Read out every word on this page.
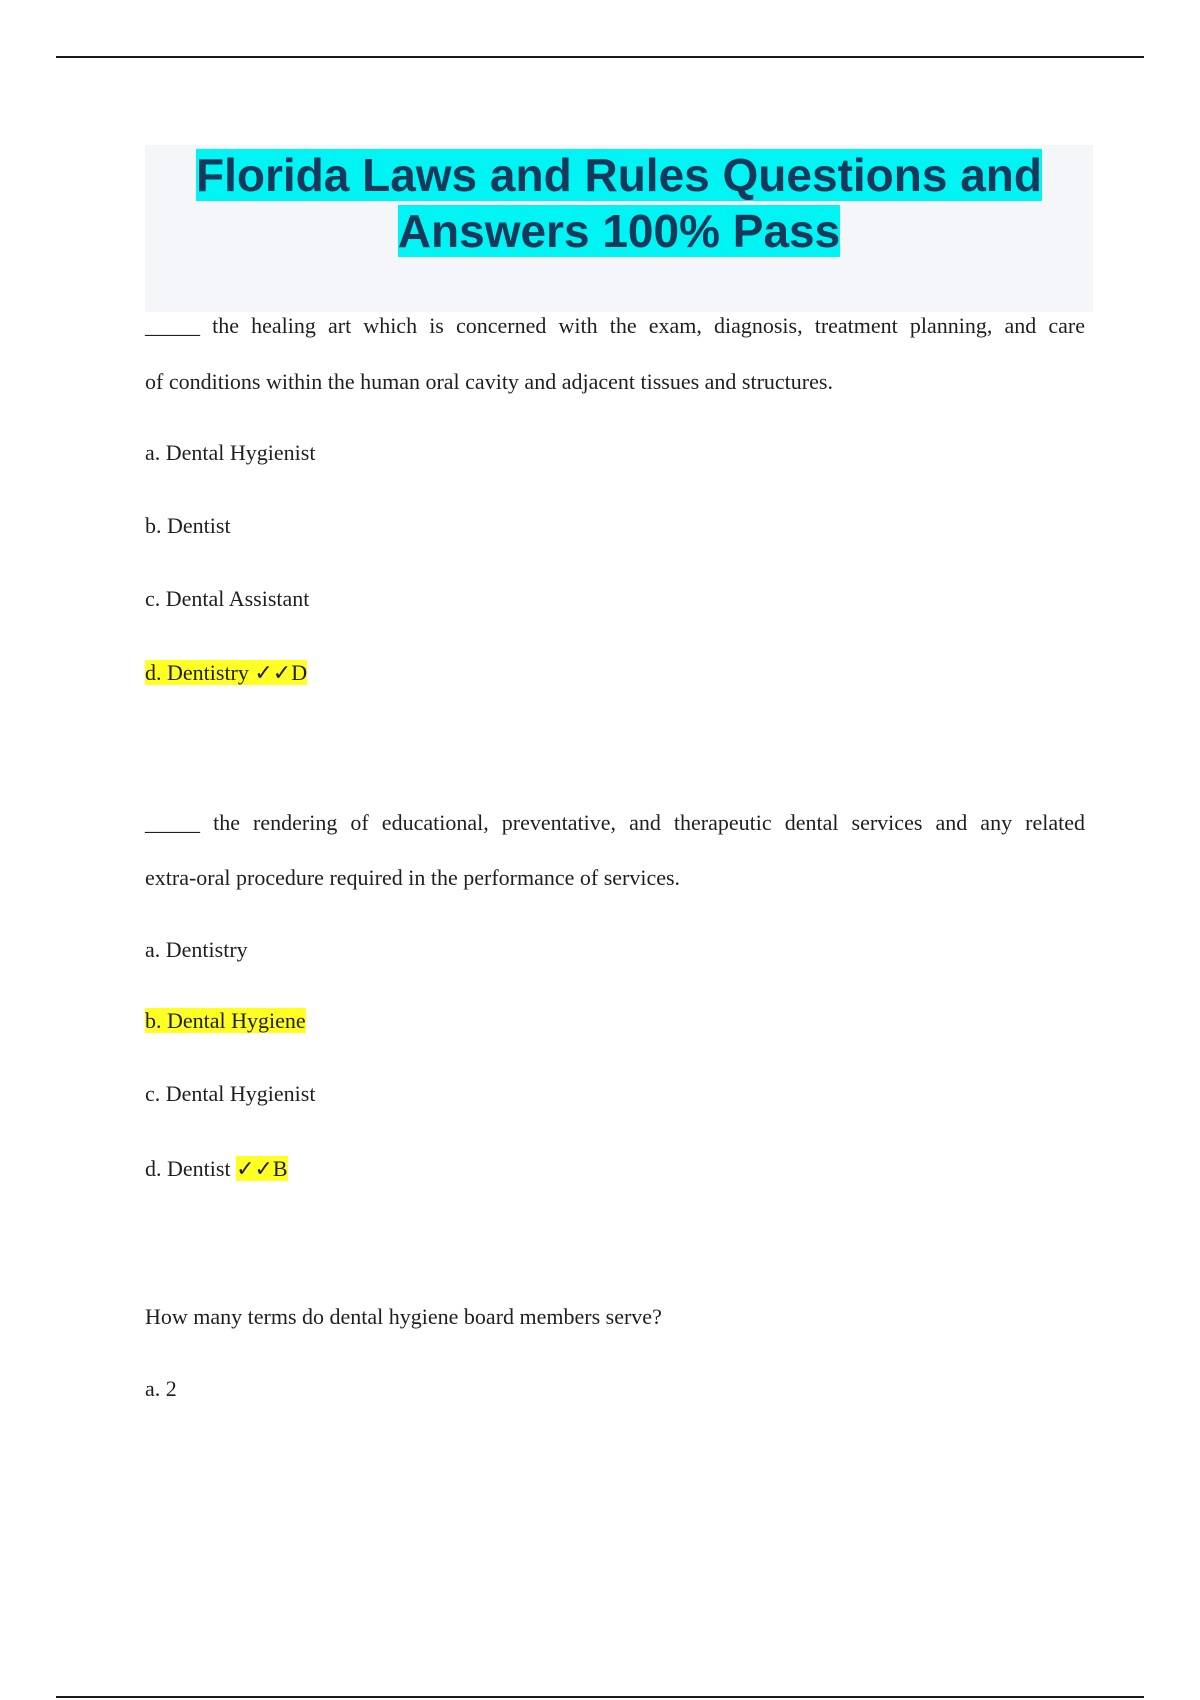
Florida Laws and Rules Questions and
Answers 100% Pass
_____ the healing art which is concerned with the exam, diagnosis, treatment planning, and care
of conditions within the human oral cavity and adjacent tissues and structures.
a. Dental Hygienist
b. Dentist
c. Dental Assistant
d. Dentistry ✓✓D
_____ the rendering of educational, preventative, and therapeutic dental services and any related
extra-oral procedure required in the performance of services.
a. Dentistry
b. Dental Hygiene
c. Dental Hygienist
d. Dentist ✓✓B
How many terms do dental hygiene board members serve?
a. 2
